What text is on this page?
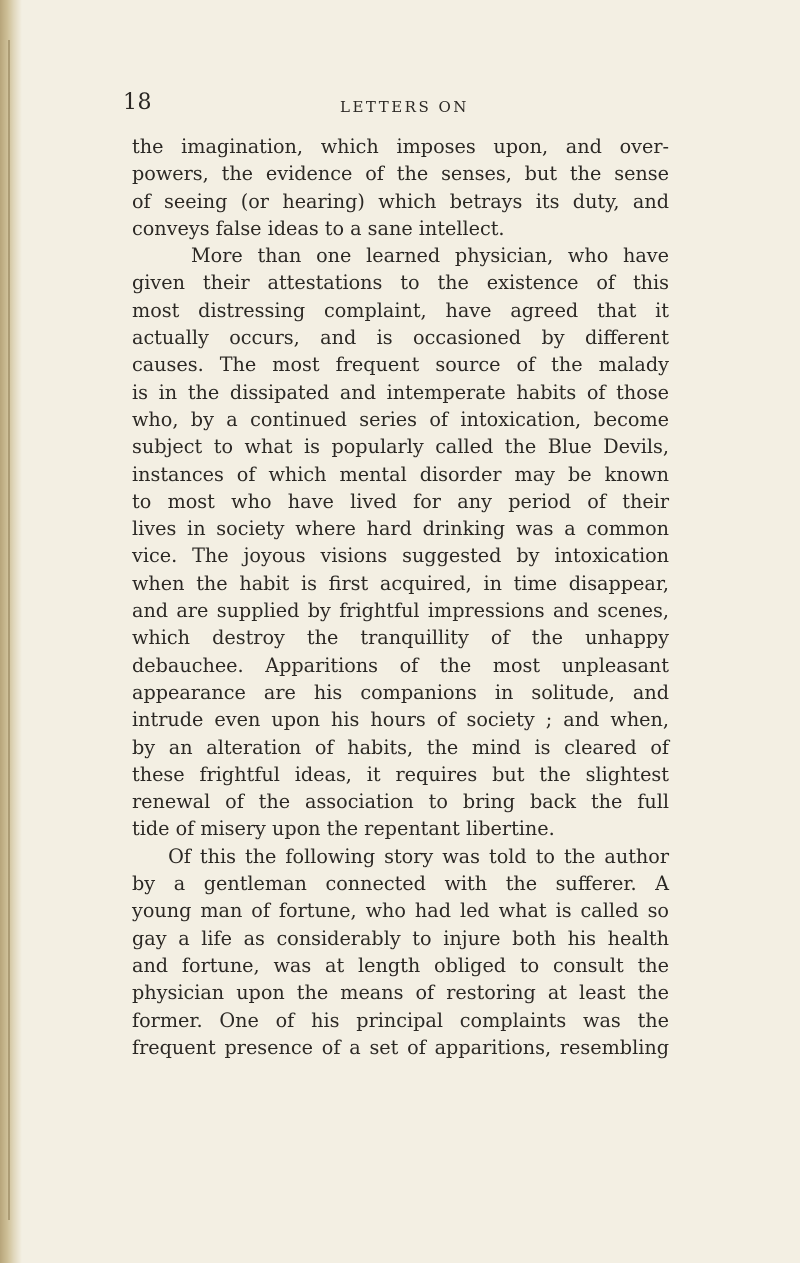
18	LETTERS ON
the imagination, which imposes upon, and over-
powers, the evidence of the senses, but the sense
of seeing (or hearing) which betrays its duty, and
conveys false ideas to a sane intellect.
More than one learned physician, who have
given their attestations to the existence of this
most distressing complaint, have agreed that it
actually occurs, and is occasioned by different
causes. The most frequent source of the malady
is in the dissipated and intemperate habits of those
who, by a continued series of intoxication, become
subject to what is popularly called the Blue Devils,
instances of which mental disorder may be known
to most who have lived for any period of their
lives in society where hard drinking was a common
vice. The joyous visions suggested by intoxication
when the habit is first acquired, in time disappear,
and are supplied by frightful impressions and scenes,
which destroy the tranquillity of the unhappy
debauchee. Apparitions of the most unpleasant
appearance are his companions in solitude, and
intrude even upon his hours of society ; and when,
by an alteration of habits, the mind is cleared of
these frightful ideas, it requires but the slightest
renewal of the association to bring back the full
tide of misery upon the repentant libertine.
Of this the following story was told to the author
by a gentleman connected with the sufferer. A
young man of fortune, who had led what is called so
gay a life as considerably to injure both his health
and fortune, was at length obliged to consult the
physician upon the means of restoring at least the
former. One of his principal complaints was the
frequent presence of a set of apparitions, resembling
